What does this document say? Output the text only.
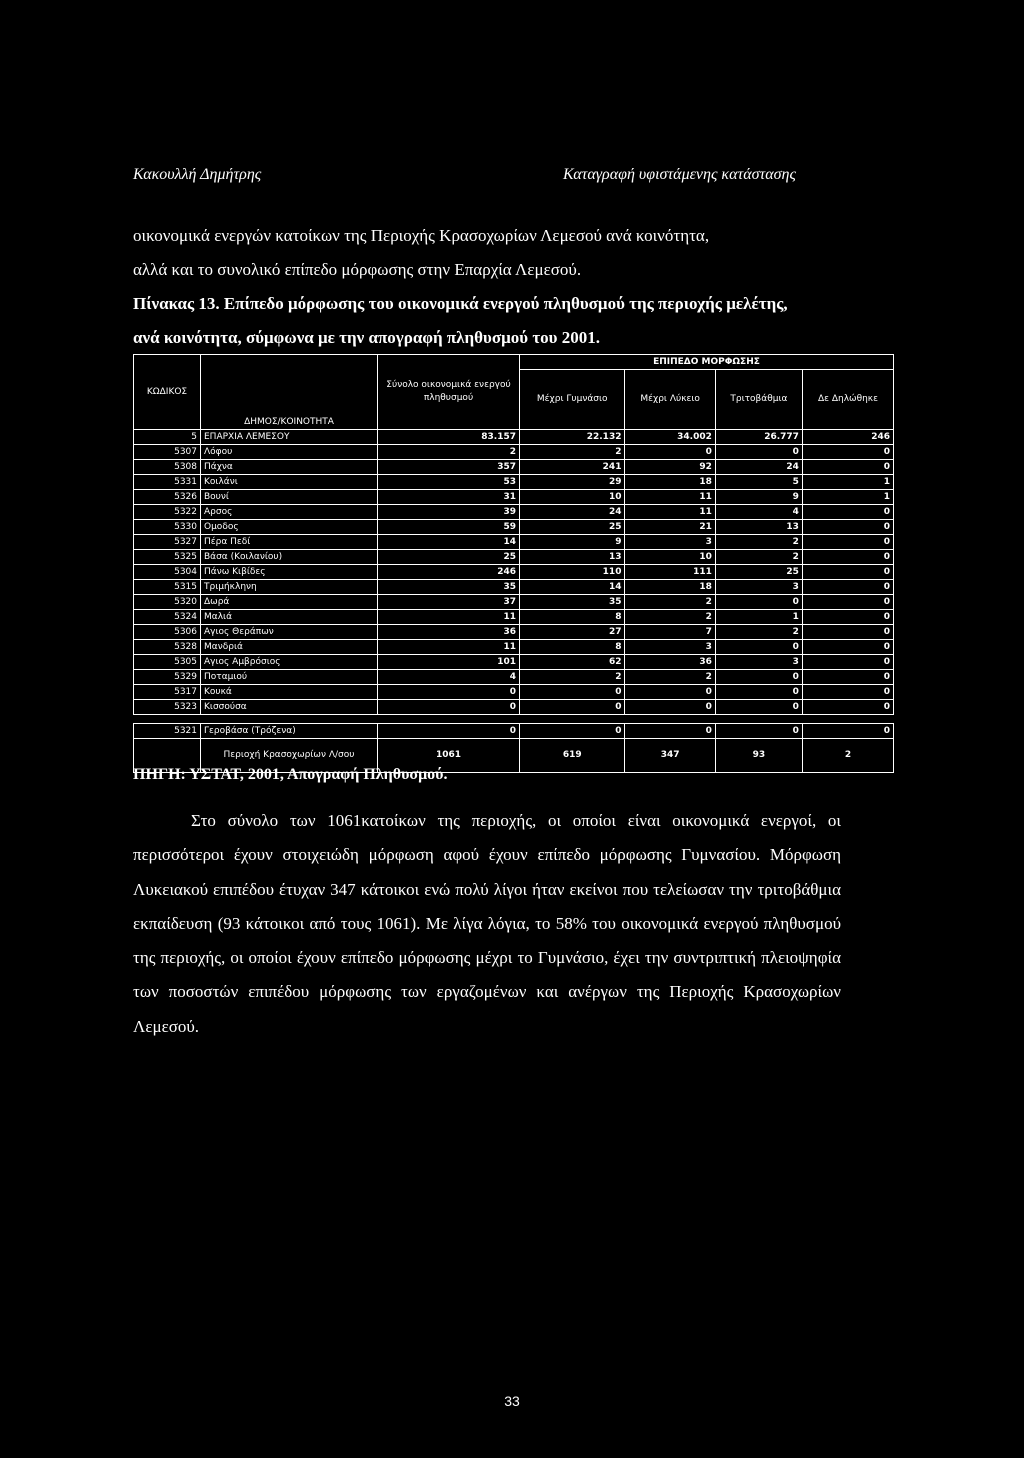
Κακουλλή Δημήτρης	Καταγραφή υφιστάμενης κατάστασης
οικονομικά ενεργών κατοίκων της Περιοχής Κρασοχωρίων Λεμεσού ανά κοινότητα,
αλλά και το συνολικό επίπεδο μόρφωσης στην Επαρχία Λεμεσού.
Πίνακας 13. Επίπεδο μόρφωσης του οικονομικά ενεργού πληθυσμού της περιοχής μελέτης,
ανά κοινότητα, σύμφωνα με την απογραφή πληθυσμού του 2001.
ΚΩΔΙΚΟΣ	ΔΗΜΟΣ/ΚΟΙΝΟΤΗΤΑ	Σύνολο οικονομικά ενεργού πληθυσμού	ΕΠΙΠΕΔΟ ΜΟΡΦΩΣΗΣ			
			Μέχρι Γυμνάσιο	Μέχρι Λύκειο	Τριτοβάθμια	Δε Δηλώθηκε
5	ΕΠΑΡΧΙΑ ΛΕΜΕΣΟΥ	83.157	22.132	34.002	26.777	246
5307	Λόφου	2	2	0	0	0
5308	Πάχνα	357	241	92	24	0
5331	Κοιλάνι	53	29	18	5	1
5326	Βουνί	31	10	11	9	1
5322	Αρσος	39	24	11	4	0
5330	Ομοδος	59	25	21	13	0
5327	Πέρα Πεδί	14	9	3	2	0
5325	Βάσα (Κοιλανίου)	25	13	10	2	0
5304	Πάνω Κιβίδες	246	110	111	25	0
5315	Τριμήκληνη	35	14	18	3	0
5320	Δωρά	37	35	2	0	0
5324	Μαλιά	11	8	2	1	0
5306	Αγιος Θεράπων	36	27	7	2	0
5328	Μανδριά	11	8	3	0	0
5305	Αγιος Αμβρόσιος	101	62	36	3	0
5329	Ποταμιού	4	2	2	0	0
5317	Κουκά	0	0	0	0	0
5323	Κισσούσα	0	0	0	0	0

5321	Γεροβάσα (Τρόζενα)	0	0	0	0	0
	Περιοχή Κρασοχωρίων Λ/σου	1061	619	347	93	2
ΠΗΓΗ: ΥΣΤΑΤ, 2001, Απογραφή Πληθυσμού.

Στο σύνολο των 1061κατοίκων της περιοχής, οι οποίοι είναι οικονομικά ενεργοί, οι περισσότεροι έχουν στοιχειώδη μόρφωση αφού έχουν επίπεδο μόρφωσης Γυμνασίου. Μόρφωση Λυκειακού επιπέδου έτυχαν 347 κάτοικοι ενώ πολύ λίγοι ήταν εκείνοι που τελείωσαν την τριτοβάθμια εκπαίδευση (93 κάτοικοι από τους 1061). Με λίγα λόγια, το 58% του οικονομικά ενεργού πληθυσμού της περιοχής, οι οποίοι έχουν επίπεδο μόρφωσης μέχρι το Γυμνάσιο, έχει την συντριπτική πλειοψηφία των ποσοστών επιπέδου μόρφωσης των εργαζομένων και ανέργων της Περιοχής Κρασοχωρίων Λεμεσού.

33
